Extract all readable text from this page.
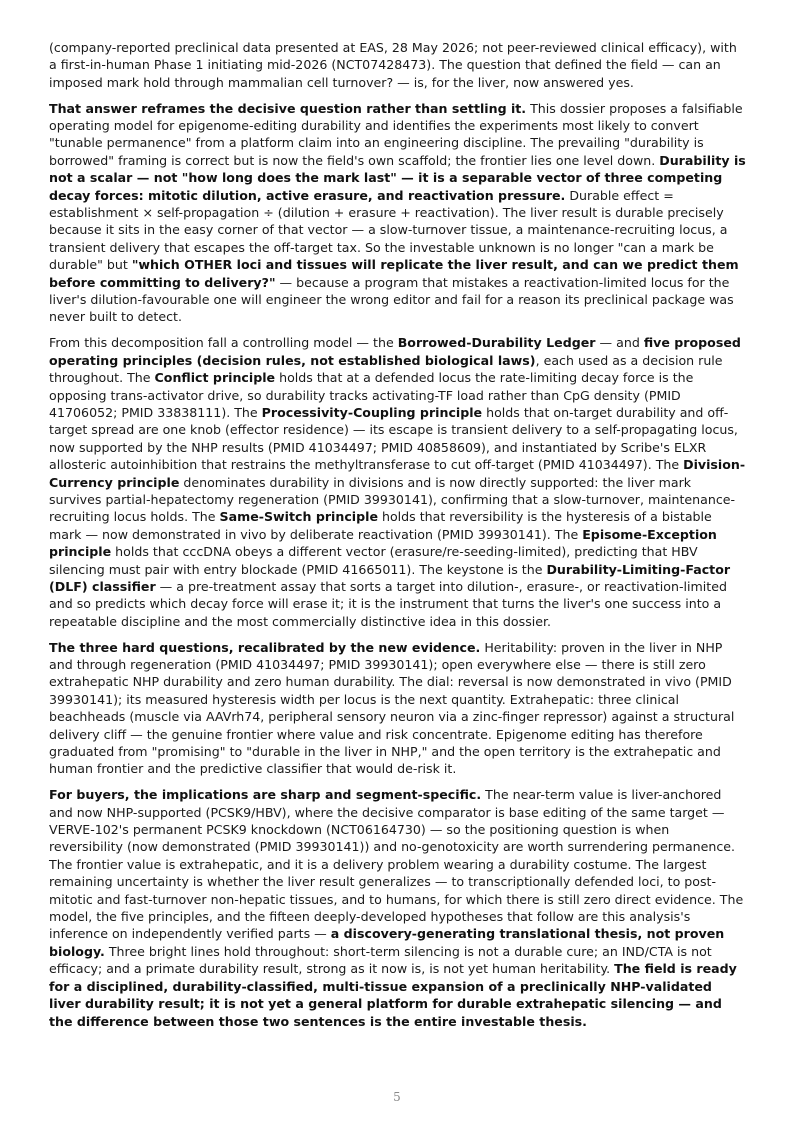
(company-reported preclinical data presented at EAS, 28 May 2026; not peer-reviewed clinical efficacy), with a first-in-human Phase 1 initiating mid-2026 (NCT07428473). The question that defined the field — can an imposed mark hold through mammalian cell turnover? — is, for the liver, now answered yes.

That answer reframes the decisive question rather than settling it. This dossier proposes a falsifiable operating model for epigenome-editing durability and identifies the experiments most likely to convert "tunable permanence" from a platform claim into an engineering discipline. The prevailing "durability is borrowed" framing is correct but is now the field's own scaffold; the frontier lies one level down. Durability is not a scalar — not "how long does the mark last" — it is a separable vector of three competing decay forces: mitotic dilution, active erasure, and reactivation pressure. Durable effect = establishment × self-propagation ÷ (dilution + erasure + reactivation). The liver result is durable precisely because it sits in the easy corner of that vector — a slow-turnover tissue, a maintenance-recruiting locus, a transient delivery that escapes the off-target tax. So the investable unknown is no longer "can a mark be durable" but "which OTHER loci and tissues will replicate the liver result, and can we predict them before committing to delivery?" — because a program that mistakes a reactivation-limited locus for the liver's dilution-favourable one will engineer the wrong editor and fail for a reason its preclinical package was never built to detect.

From this decomposition fall a controlling model — the Borrowed-Durability Ledger — and five proposed operating principles (decision rules, not established biological laws), each used as a decision rule throughout. The Conflict principle holds that at a defended locus the rate-limiting decay force is the opposing trans-activator drive, so durability tracks activating-TF load rather than CpG density (PMID 41706052; PMID 33838111). The Processivity-Coupling principle holds that on-target durability and off-target spread are one knob (effector residence) — its escape is transient delivery to a self-propagating locus, now supported by the NHP results (PMID 41034497; PMID 40858609), and instantiated by Scribe's ELXR allosteric autoinhibition that restrains the methyltransferase to cut off-target (PMID 41034497). The Division-Currency principle denominates durability in divisions and is now directly supported: the liver mark survives partial-hepatectomy regeneration (PMID 39930141), confirming that a slow-turnover, maintenance-recruiting locus holds. The Same-Switch principle holds that reversibility is the hysteresis of a bistable mark — now demonstrated in vivo by deliberate reactivation (PMID 39930141). The Episome-Exception principle holds that cccDNA obeys a different vector (erasure/re-seeding-limited), predicting that HBV silencing must pair with entry blockade (PMID 41665011). The keystone is the Durability-Limiting-Factor (DLF) classifier — a pre-treatment assay that sorts a target into dilution-, erasure-, or reactivation-limited and so predicts which decay force will erase it; it is the instrument that turns the liver's one success into a repeatable discipline and the most commercially distinctive idea in this dossier.

The three hard questions, recalibrated by the new evidence. Heritability: proven in the liver in NHP and through regeneration (PMID 41034497; PMID 39930141); open everywhere else — there is still zero extrahepatic NHP durability and zero human durability. The dial: reversal is now demonstrated in vivo (PMID 39930141); its measured hysteresis width per locus is the next quantity. Extrahepatic: three clinical beachheads (muscle via AAVrh74, peripheral sensory neuron via a zinc-finger repressor) against a structural delivery cliff — the genuine frontier where value and risk concentrate. Epigenome editing has therefore graduated from "promising" to "durable in the liver in NHP," and the open territory is the extrahepatic and human frontier and the predictive classifier that would de-risk it.

For buyers, the implications are sharp and segment-specific. The near-term value is liver-anchored and now NHP-supported (PCSK9/HBV), where the decisive comparator is base editing of the same target — VERVE-102's permanent PCSK9 knockdown (NCT06164730) — so the positioning question is when reversibility (now demonstrated (PMID 39930141)) and no-genotoxicity are worth surrendering permanence. The frontier value is extrahepatic, and it is a delivery problem wearing a durability costume. The largest remaining uncertainty is whether the liver result generalizes — to transcriptionally defended loci, to post-mitotic and fast-turnover non-hepatic tissues, and to humans, for which there is still zero direct evidence. The model, the five principles, and the fifteen deeply-developed hypotheses that follow are this analysis's inference on independently verified parts — a discovery-generating translational thesis, not proven biology. Three bright lines hold throughout: short-term silencing is not a durable cure; an IND/CTA is not efficacy; and a primate durability result, strong as it now is, is not yet human heritability. The field is ready for a disciplined, durability-classified, multi-tissue expansion of a preclinically NHP-validated liver durability result; it is not yet a general platform for durable extrahepatic silencing — and the difference between those two sentences is the entire investable thesis.

5
